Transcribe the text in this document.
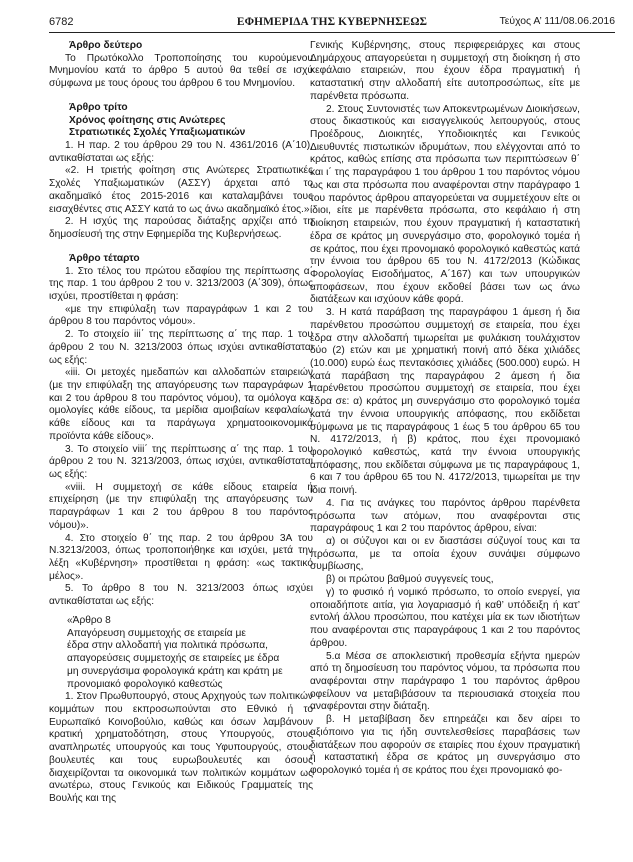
6782	ΕΦΗΜΕΡΙΔΑ ΤΗΣ ΚΥΒΕΡΝΗΣΕΩΣ	Τεύχος Α’ 111/08.06.2016

Άρθρο δεύτερο

Το Πρωτόκολλο Τροποποίησης του κυρούμενου Μνημονίου κατά το άρθρο 5 αυτού θα τεθεί σε ισχύ σύμφωνα με τους όρους του άρθρου 6 του Μνημονίου.

Άρθρο τρίτο

Χρόνος φοίτησης στις Ανώτερες

Στρατιωτικές Σχολές Υπαξιωματικών

1. Η παρ. 2 του άρθρου 29 του Ν. 4361/2016 (Α΄10), αντικαθίσταται ως εξής:

«2. Η τριετής φοίτηση στις Ανώτερες Στρατιωτικές Σχολές Υπαξιωματικών (ΑΣΣΥ) άρχεται από το ακαδημαϊκό έτος 2015-2016 και καταλαμβάνει τους εισαχθέντες στις ΑΣΣΥ κατά το ως άνω ακαδημαϊκό έτος.»

2. Η ισχύς της παρούσας διάταξης αρχίζει από τη δημοσίευσή της στην Εφημερίδα της Κυβερνήσεως.

Άρθρο τέταρτο

1. Στο τέλος του πρώτου εδαφίου της περίπτωσης α΄ της παρ. 1 του άρθρου 2 του ν. 3213/2003 (Α΄309), όπως ισχύει, προστίθεται η φράση:

«με την επιφύλαξη των παραγράφων 1 και 2 του άρθρου 8 του παρόντος νόμου».

2. Το στοιχείο iii΄ της περίπτωσης α΄ της παρ. 1 του άρθρου 2 του Ν. 3213/2003 όπως ισχύει αντικαθίσταται ως εξής:

«iii. Οι μετοχές ημεδαπών και αλλοδαπών εταιρειών (με την επιφύλαξη της απαγόρευσης των παραγράφων 1 και 2 του άρθρου 8 του παρόντος νόμου), τα ομόλογα και ομολογίες κάθε είδους, τα μερίδια αμοιβαίων κεφαλαίων κάθε είδους και τα παράγωγα χρηματοοικονομικά προϊόντα κάθε είδους».

3. Το στοιχείο viii΄ της περίπτωσης α΄ της παρ. 1 του άρθρου 2 του Ν. 3213/2003, όπως ισχύει, αντικαθίσταται ως εξής:

«viii. Η συμμετοχή σε κάθε είδους εταιρεία ή επιχείρηση (με την επιφύλαξη της απαγόρευσης των παραγράφων 1 και 2 του άρθρου 8 του παρόντος νόμου)».

4. Στο στοιχείο θ΄ της παρ. 2 του άρθρου 3Α του Ν.3213/2003, όπως τροποποιήθηκε και ισχύει, μετά την λέξη «Κυβέρνηση» προστίθεται η φράση: «ως τακτικό μέλος».

5. Το άρθρο 8 του Ν. 3213/2003 όπως ισχύει αντικαθίσταται ως εξής:

«Άρθρο 8

Απαγόρευση συμμετοχής σε εταιρεία με

έδρα στην αλλοδαπή για πολιτικά πρόσωπα,

απαγορεύσεις συμμετοχής σε εταιρείες με έδρα

μη συνεργάσιμα φορολογικά κράτη και κράτη με

προνομιακό φορολογικό καθεστώς

1. Στον Πρωθυπουργό, στους Αρχηγούς των πολιτικών κομμάτων που εκπροσωπούνται στο Εθνικό ή το Ευρωπαϊκό Κοινοβούλιο, καθώς και όσων λαμβάνουν κρατική χρηματοδότηση, στους Υπουργούς, στους αναπληρωτές υπουργούς και τους Υφυπουργούς, στους βουλευτές και τους ευρωβουλευτές και όσους διαχειρίζονται τα οικονομικά των πολιτικών κομμάτων ως ανωτέρω, στους Γενικούς και Ειδικούς Γραμματείς της Βουλής και της

Γενικής Κυβέρνησης, στους περιφερειάρχες και στους Δημάρχους απαγορεύεται η συμμετοχή στη διοίκηση ή στο κεφάλαιο εταιρειών, που έχουν έδρα πραγματική ή καταστατική στην αλλοδαπή είτε αυτοπροσώπως, είτε με παρένθετα πρόσωπα.

2. Στους Συντονιστές των Αποκεντρωμένων Διοικήσεων, στους δικαστικούς και εισαγγελικούς λειτουργούς, στους Προέδρους, Διοικητές, Υποδιοικητές και Γενικούς Διευθυντές πιστωτικών ιδρυμάτων, που ελέγχονται από το κράτος, καθώς επίσης στα πρόσωπα των περιπτώσεων θ΄ και ι΄ της παραγράφου 1 του άρθρου 1 του παρόντος νόμου ως και στα πρόσωπα που αναφέρονται στην παράγραφο 1 του παρόντος άρθρου απαγορεύεται να συμμετέχουν είτε οι ίδιοι, είτε με παρένθετα πρόσωπα, στο κεφάλαιο ή στη διοίκηση εταιρειών, που έχουν πραγματική ή καταστατική έδρα σε κράτος μη συνεργάσιμο στο, φορολογικό τομέα ή σε κράτος, που έχει προνομιακό φορολογικό καθεστώς κατά την έννοια του άρθρου 65 του Ν. 4172/2013 (Κώδικας Φορολογίας Εισοδήματος, Α΄167) και των υπουργικών αποφάσεων, που έχουν εκδοθεί βάσει των ως άνω διατάξεων και ισχύουν κάθε φορά.

3. Η κατά παράβαση της παραγράφου 1 άμεση ή δια παρένθετου προσώπου συμμετοχή σε εταιρεία, που έχει έδρα στην αλλοδαπή τιμωρείται με φυλάκιση τουλάχιστον δύο (2) ετών και με χρηματική ποινή από δέκα χιλιάδες (10.000) ευρώ έως πεντακόσιες χιλιάδες (500.000) ευρώ. Η κατά παράβαση της παραγράφου 2 άμεση ή δια παρένθετου προσώπου συμμετοχή σε εταιρεία, που έχει έδρα σε: α) κράτος μη συνεργάσιμο στο φορολογικό τομέα κατά την έννοια υπουργικής απόφασης, που εκδίδεται σύμφωνα με τις παραγράφους 1 έως 5 του άρθρου 65 του Ν. 4172/2013, ή β) κράτος, που έχει προνομιακό φορολογικό καθεστώς, κατά την έννοια υπουργικής απόφασης, που εκδίδεται σύμφωνα με τις παραγράφους 1, 6 και 7 του άρθρου 65 του Ν. 4172/2013, τιμωρείται με την ίδια ποινή.

4. Για τις ανάγκες του παρόντος άρθρου παρένθετα πρόσωπα των ατόμων, που αναφέρονται στις παραγράφους 1 και 2 του παρόντος άρθρου, είναι:

α) οι σύζυγοι και οι εν διαστάσει σύζυγοί τους και τα πρόσωπα, με τα οποία έχουν συνάψει σύμφωνο συμβίωσης,

β) οι πρώτου βαθμού συγγενείς τους,

γ) το φυσικό ή νομικό πρόσωπο, το οποίο ενεργεί, για οποιαδήποτε αιτία, για λογαριασμό ή καθ’ υπόδειξη ή κατ’ εντολή άλλου προσώπου, που κατέχει μία εκ των ιδιοτήτων που αναφέρονται στις παραγράφους 1 και 2 του παρόντος άρθρου.

5.α Μέσα σε αποκλειστική προθεσμία εξήντα ημερών από τη δημοσίευση του παρόντος νόμου, τα πρόσωπα που αναφέρονται στην παράγραφο 1 του παρόντος άρθρου οφείλουν να μεταβιβάσουν τα περιουσιακά στοιχεία που αναφέρονται στην διάταξη.

β. Η μεταβίβαση δεν επηρεάζει και δεν αίρει το αξιόποινο για τις ήδη συντελεσθείσες παραβάσεις των διατάξεων που αφορούν σε εταιρίες που έχουν πραγματική ή καταστατική έδρα σε κράτος μη συνεργάσιμο στο φορολογικό τομέα ή σε κράτος που έχει προνομιακό φο-
